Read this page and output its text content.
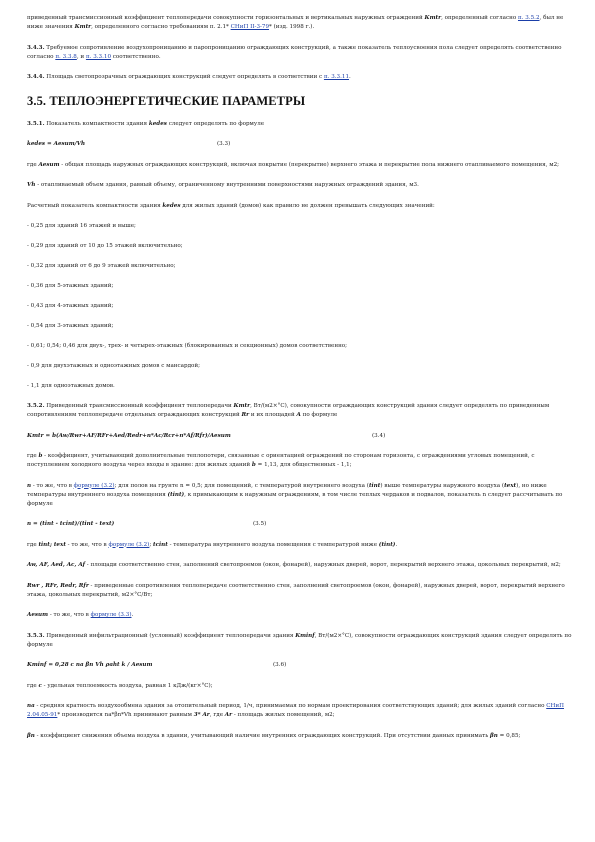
приведенный трансмиссионный коэффициент теплопередачи совокупности горизонтальных и вертикальных наружных ограждений Кmtr, определенный согласно п. 3.5.2, был не ниже значения Кmtr, определенного согласно требованиям п. 2.1* СНиП II-3-79* (изд. 1998 г.).

3.4.3. Требуемое сопротивление воздухопроницанию и паропроницанию ограждающих конструкций, а также показатель теплоусвоения пола следует определять соответственно согласно п. 3.3.8, и п. 3.3.10 соответственно.

3.4.4. Площадь светопрозрачных ограждающих конструкций следует определять в соответствии с п. 3.3.11.

3.5. ТЕПЛОЭНЕРГЕТИЧЕСКИЕ ПАРАМЕТРЫ

3.5.1. Показатель компактности здания kedes следует определять по формуле

kedes = Aesum/Vh	(3.3)

где Aesum - общая площадь наружных ограждающих конструкций, включая покрытие (перекрытие) верхнего этажа и перекрытие пола нижнего отапливаемого помещения, м2;

Vh - отапливаемый объем здания, равный объему, ограниченному внутренними поверхностями наружных ограждений здания, м3.

Расчетный показатель компактности здания kedes для жилых зданий (домов) как правило не должен превышать следующих значений:

- 0,25 для зданий 16 этажей и выше;

- 0,29 для зданий от 10 до 15 этажей включительно;

- 0,32 для зданий от 6 до 9 этажей включительно;

- 0,36 для 5-этажных зданий;

- 0,43 для 4-этажных зданий;

- 0,54 для 3-этажных зданий;

- 0,61; 0,54; 0,46 для двух-, трех- и четырех-этажных (блокированных и секционных) домов соответственно;

- 0,9 для двухэтажных и одноэтажных домов с мансардой;

- 1,1 для одноэтажных домов.

3.5.2. Приведенный трансмиссионный коэффициент теплопередачи Кmtr, Вт/(м2×°С), совокупности ограждающих конструкций здания следует определять по приведенным сопротивлениям теплопередаче отдельных ограждающих конструкций Rr и их площадей A по формуле

Кmtr = b(Aw/Rwr+AF/RFr+Aed/Redr+n*Ac/Rcr+n*Af/Rfr)/Aesum	(3.4)

где b - коэффициент, учитывающий дополнительные теплопотери, связанные с ориентацией ограждений по сторонам горизонта, с ограждениями угловых помещений, с поступлением холодного воздуха через входы в здание: для жилых зданий b = 1,13, для общественных - 1,1;

n - то же, что в формуле (3.2); для полов на грунте n = 0,5; для помещений, с температурой внутреннего воздуха (tint) выше температуры наружного воздуха (text), но ниже температуры внутреннего воздуха помещения (tint), к примыкающим к наружным ограждениям, в том числе теплых чердаков и подвалов, показатель n следует рассчитывать по формуле

n = (tint - tcint)/(tint - text)	(3.5)

где tint; text - то же, что в формуле (3.2); tcint - температура внутреннего воздуха помещения с температурой ниже (tint).

Aw, AF, Aed, Ac, Af - площади соответственно стен, заполнений светопроемов (окон, фонарей), наружных дверей, ворот, перекрытий верхнего этажа, цокольных перекрытий, м2;

Rwr , RFr, Redr, Rfr - приведенные сопротивления теплопередаче соответственно стен, заполнений светопроемов (окон, фонарей), наружных дверей, ворот, перекрытий верхнего этажа, цокольных перекрытий, м2×°С/Вт;

Aesum - то же, что в формуле (3.3).

3.5.3. Приведенный инфильтрационный (условный) коэффициент теплопередачи здания Kminf, Вт/(м2×°С), совокупности ограждающих конструкций здания следует определять по формуле

Kminf = 0,28 c na βn Vh ρaht k / Aesum	(3.6)

где c - удельная теплоемкость воздуха, равная 1 кДж/(кг×°С);

na - средняя кратность воздухообмена здания за отопительный период, 1/ч, принимаемая по нормам проектирования соответствующих зданий; для жилых зданий согласно СНиП 2.04.05-91* производится na*βn*Vh принимают равным 3* Ar, где Ar - площадь жилых помещений, м2;

βn - коэффициент снижения объема воздуха в здании, учитывающий наличие внутренних ограждающих конструкций. При отсутствии данных принимать βn = 0,85;
